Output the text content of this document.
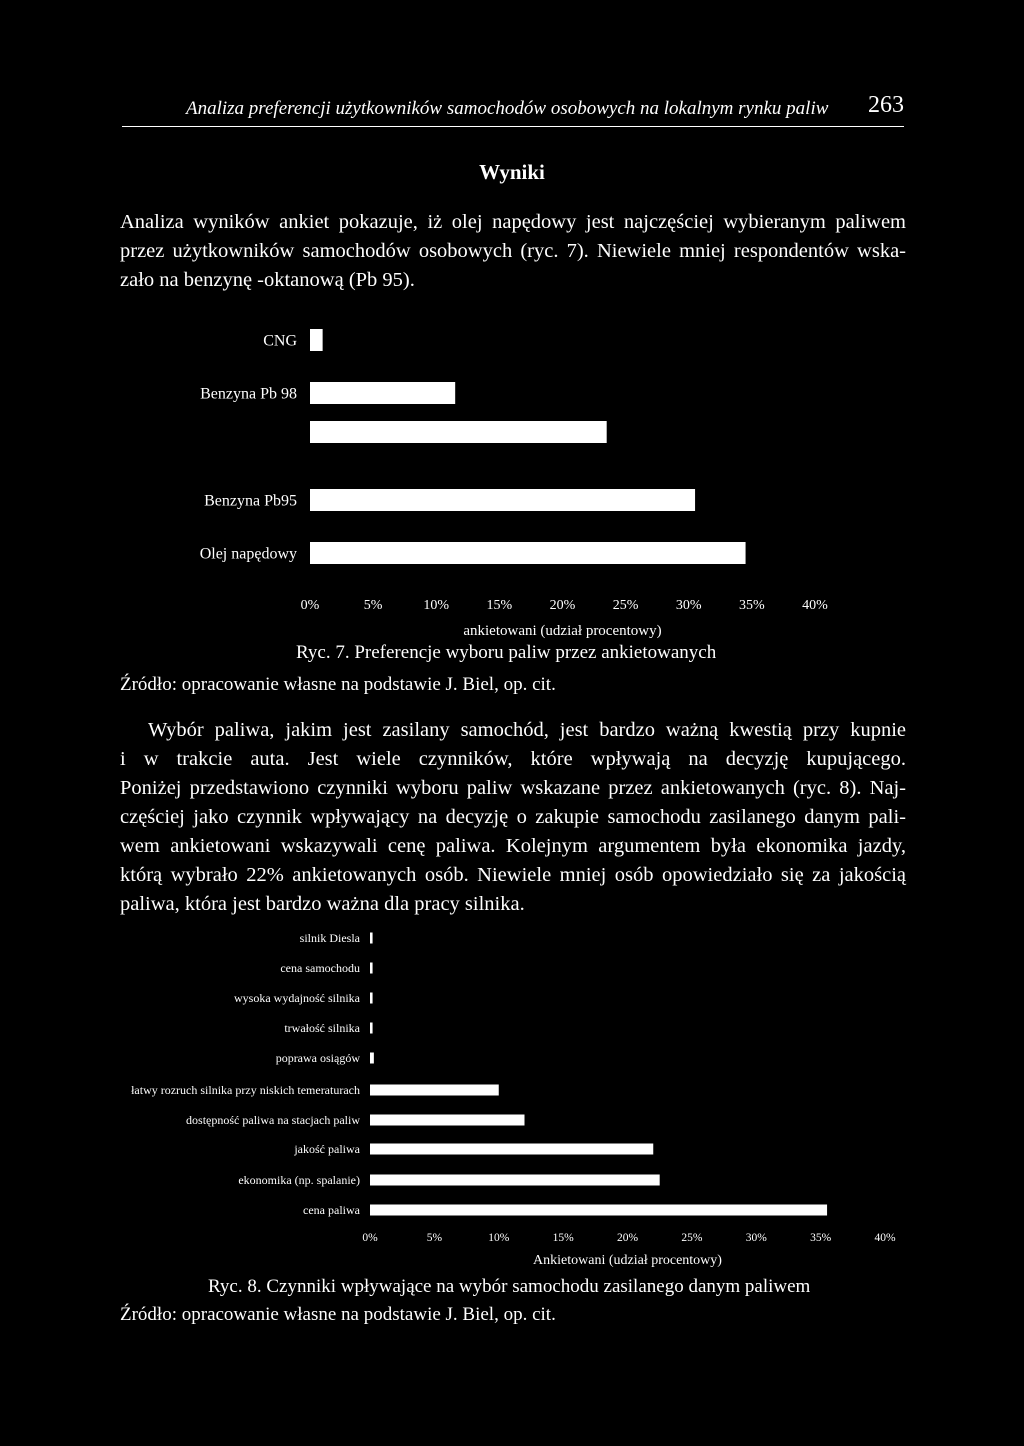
Analiza preferencji użytkowników samochodów osobowych na lokalnym rynku paliw	263
Wyniki
Analiza wyników ankiet pokazuje, iż olej napędowy jest najczęściej wybieranym paliwem
przez użytkowników samochodów osobowych (ryc. 7). Niewiele mniej respondentów wska-
zało na benzynę -oktanową (Pb 95).
CNG
Benzyna Pb 98
Benzyna Pb95
Olej napędowy
0%	5%	10%	15%	20%	25%	30%	35%	40%
ankietowani (udział procentowy)
Ryc. 7. Preferencje wyboru paliw przez ankietowanych
Źródło: opracowanie własne na podstawie J. Biel, op. cit.
Wybór paliwa, jakim jest zasilany samochód, jest bardzo ważną kwestią przy kupnie
i w trakcie auta. Jest wiele czynników, które wpływają na decyzję kupującego.
Poniżej przedstawiono czynniki wyboru paliw wskazane przez ankietowanych (ryc. 8). Naj-
częściej jako czynnik wpływający na decyzję o zakupie samochodu zasilanego danym pali-
wem ankietowani wskazywali cenę paliwa. Kolejnym argumentem była ekonomika jazdy,
którą wybrało 22% ankietowanych osób. Niewiele mniej osób opowiedziało się za jakością
paliwa, która jest bardzo ważna dla pracy silnika.
silnik Diesla
cena samochodu
wysoka wydajność silnika
trwałość silnika
poprawa osiągów
łatwy rozruch silnika przy niskich temeraturach
dostępność paliwa na stacjach paliw
jakość paliwa
ekonomika (np. spalanie)
cena paliwa
0%	5%	10%	15%	20%	25%	30%	35%	40%
Ankietowani (udział procentowy)
Ryc. 8. Czynniki wpływające na wybór samochodu zasilanego danym paliwem
Źródło: opracowanie własne na podstawie J. Biel, op. cit.
